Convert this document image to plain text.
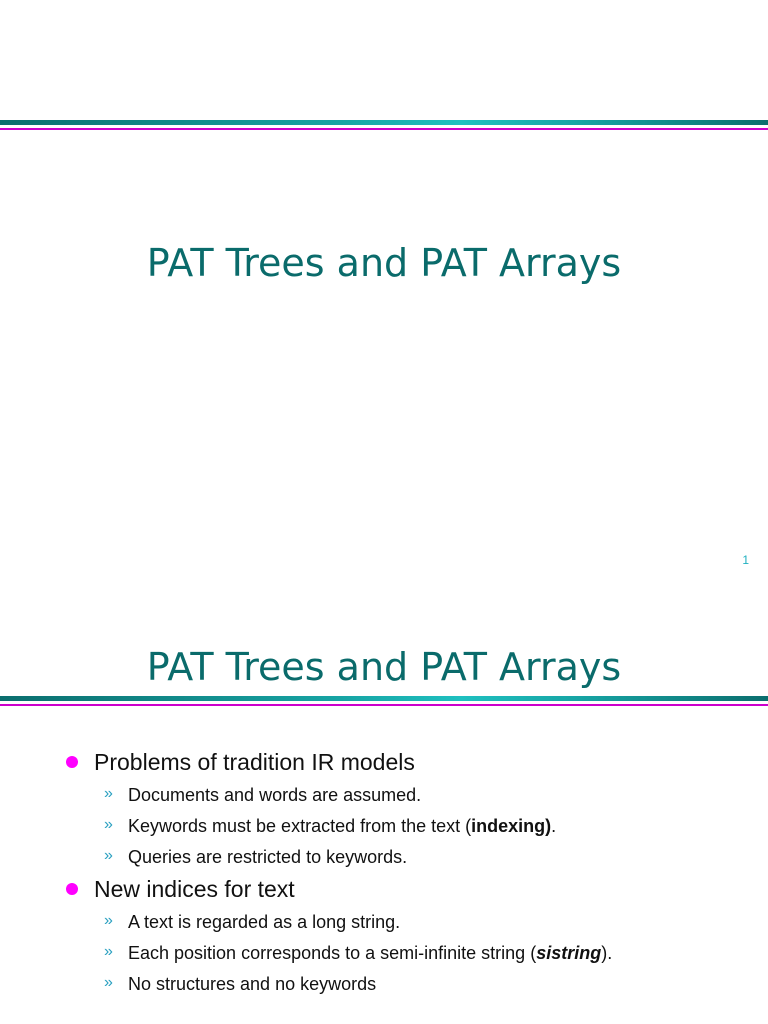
PAT Trees and PAT Arrays
1
PAT Trees and PAT Arrays
Problems of tradition IR models
» Documents and words are assumed.
» Keywords must be extracted from the text (indexing).
» Queries are restricted to keywords.
New indices for text
» A text is regarded as a long string.
» Each position corresponds to a semi-infinite string (sistring).
» No structures and no keywords
